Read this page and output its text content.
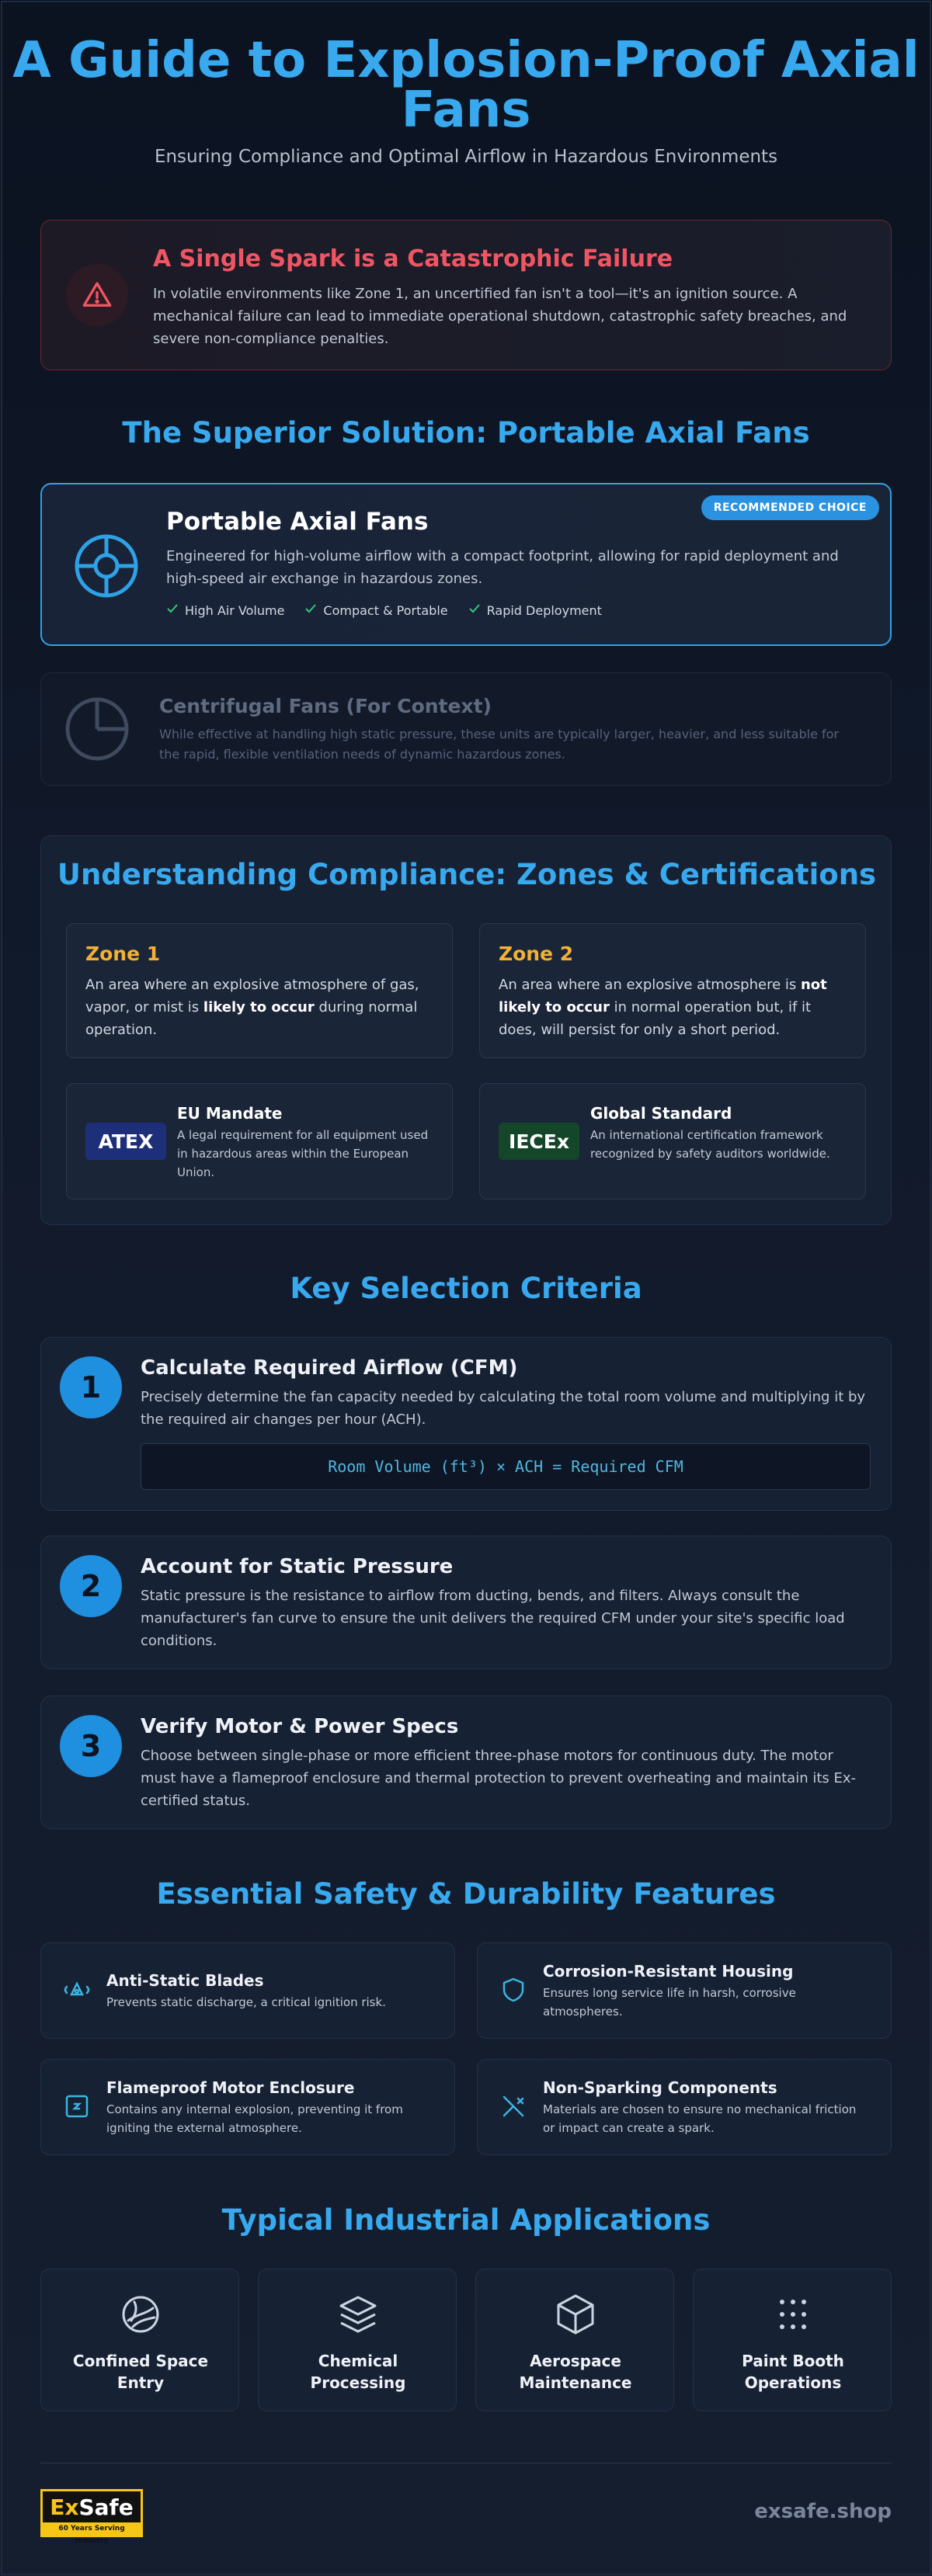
A Guide to Explosion-Proof Axial Fans
Ensuring Compliance and Optimal Airflow in Hazardous Environments
A Single Spark is a Catastrophic Failure

In volatile environments like Zone 1, an uncertified fan isn't a tool—it's an ignition source. A mechanical failure can lead to immediate operational shutdown, catastrophic safety breaches, and severe non-compliance penalties.

The Superior Solution: Portable Axial Fans
RECOMMENDED CHOICE
Portable Axial Fans

Engineered for high-volume airflow with a compact footprint, allowing for rapid deployment and high-speed air exchange in hazardous zones.

High Air Volume	Compact & Portable	Rapid Deployment
Centrifugal Fans (For Context)

While effective at handling high static pressure, these units are typically larger, heavier, and less suitable for the rapid, flexible ventilation needs of dynamic hazardous zones.

Understanding Compliance: Zones & Certifications
Zone 1

An area where an explosive atmosphere of gas, vapor, or mist is likely to occur during normal operation.

Zone 2

An area where an explosive atmosphere is not likely to occur in normal operation but, if it does, will persist for only a short period.

ATEX
EU Mandate

A legal requirement for all equipment used in hazardous areas within the European Union.

IECEx
Global Standard

An international certification framework recognized by safety auditors worldwide.

Key Selection Criteria
1
Calculate Required Airflow (CFM)

Precisely determine the fan capacity needed by calculating the total room volume and multiplying it by the required air changes per hour (ACH).

Room Volume (ft³) × ACH = Required CFM
2
Account for Static Pressure

Static pressure is the resistance to airflow from ducting, bends, and filters. Always consult the manufacturer's fan curve to ensure the unit delivers the required CFM under your site's specific load conditions.

3
Verify Motor & Power Specs

Choose between single-phase or more efficient three-phase motors for continuous duty. The motor must have a flameproof enclosure and thermal protection to prevent overheating and maintain its Ex-certified status.

Essential Safety & Durability Features
Anti-Static Blades

Prevents static discharge, a critical ignition risk.

Corrosion-Resistant Housing

Ensures long service life in harsh, corrosive atmospheres.

Flameproof Motor Enclosure

Contains any internal explosion, preventing it from igniting the external atmosphere.

Non-Sparking Components

Materials are chosen to ensure no mechanical friction or impact can create a spark.

Typical Industrial Applications
Confined Space
Entry
Chemical
Processing
Aerospace
Maintenance
Paint Booth
Operations
ExSafe
60 Years Serving Industry
exsafe.shop
